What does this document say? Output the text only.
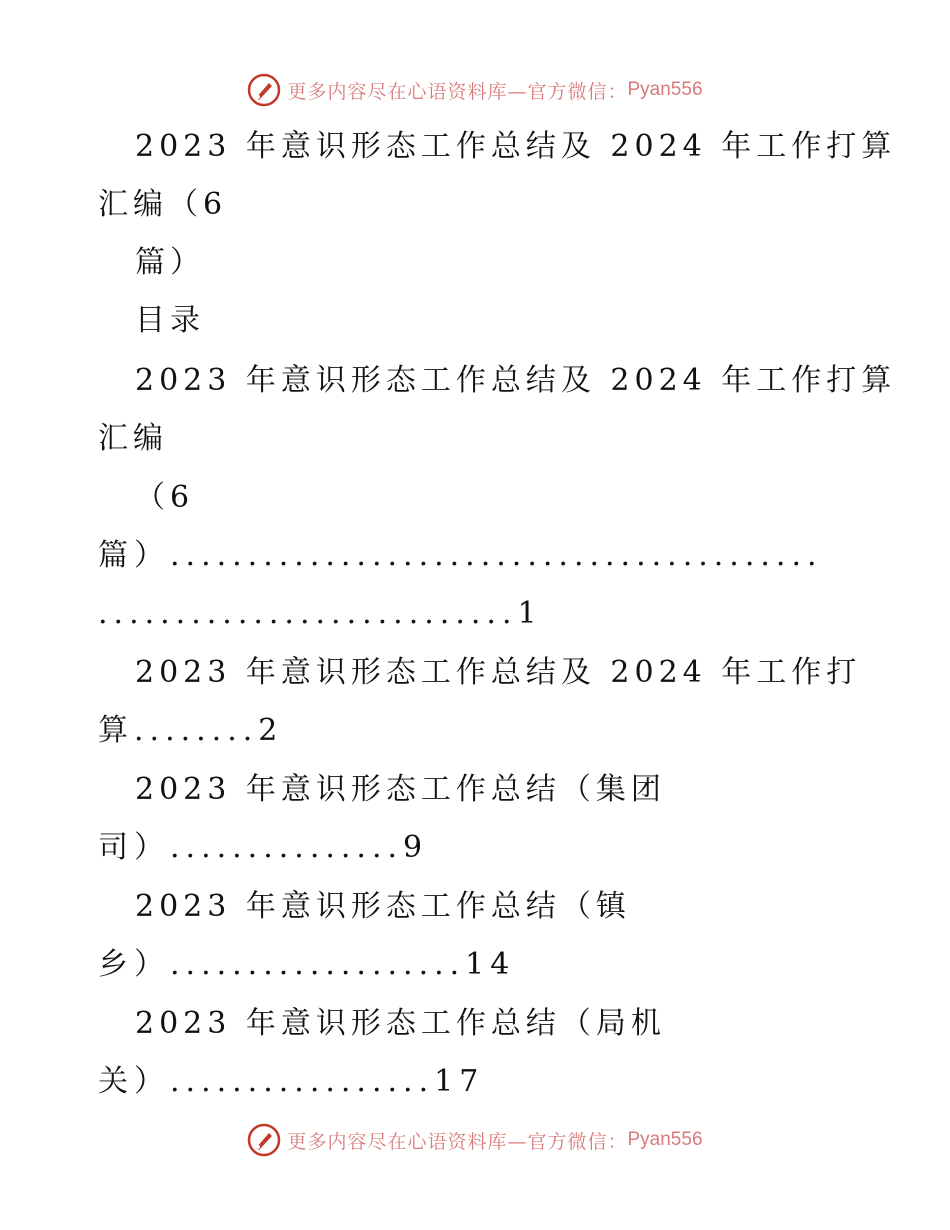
更多内容尽在心语资料库—官方微信： Pyan556

2023 年意识形态工作总结及 2024 年工作打算

汇编（6

篇）

目录

2023 年意识形态工作总结及 2024 年工作打算

汇编

（6

篇）..........................................

...........................1

2023 年意识形态工作总结及 2024 年工作打

算........2

2023 年意识形态工作总结（集团

司）...............9

2023 年意识形态工作总结（镇

乡）...................14

2023 年意识形态工作总结（局机

关）.................17

更多内容尽在心语资料库—官方微信： Pyan556
